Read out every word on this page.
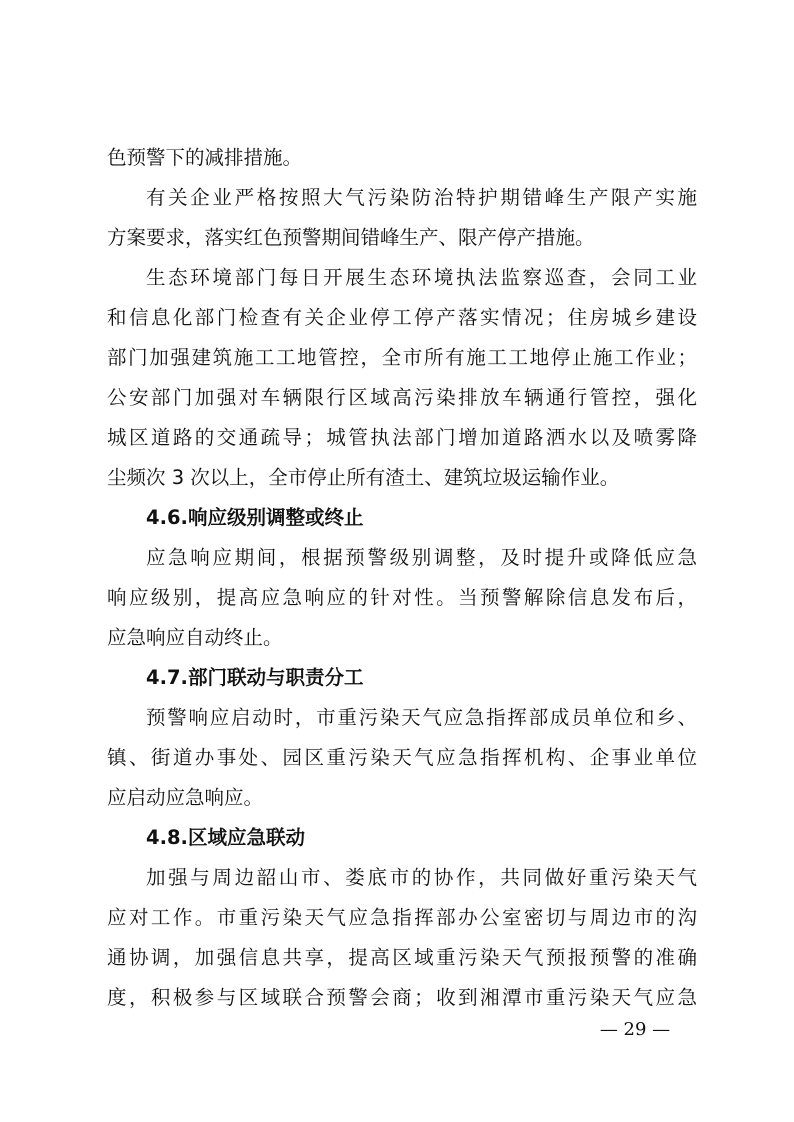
色预警下的减排措施。
有关企业严格按照大气污染防治特护期错峰生产限产实施
方案要求，落实红色预警期间错峰生产、限产停产措施。
生态环境部门每日开展生态环境执法监察巡查，会同工业
和信息化部门检查有关企业停工停产落实情况；住房城乡建设
部门加强建筑施工工地管控，全市所有施工工地停止施工作业；
公安部门加强对车辆限行区域高污染排放车辆通行管控，强化
城区道路的交通疏导；城管执法部门增加道路洒水以及喷雾降
尘频次 3 次以上，全市停止所有渣土、建筑垃圾运输作业。
4.6.响应级别调整或终止
应急响应期间，根据预警级别调整，及时提升或降低应急
响应级别，提高应急响应的针对性。当预警解除信息发布后，
应急响应自动终止。
4.7.部门联动与职责分工
预警响应启动时，市重污染天气应急指挥部成员单位和乡、
镇、街道办事处、园区重污染天气应急指挥机构、企事业单位
应启动应急响应。
4.8.区域应急联动
加强与周边韶山市、娄底市的协作，共同做好重污染天气
应对工作。市重污染天气应急指挥部办公室密切与周边市的沟
通协调，加强信息共享，提高区域重污染天气预报预警的准确
度，积极参与区域联合预警会商；收到湘潭市重污染天气应急
— 29 —
